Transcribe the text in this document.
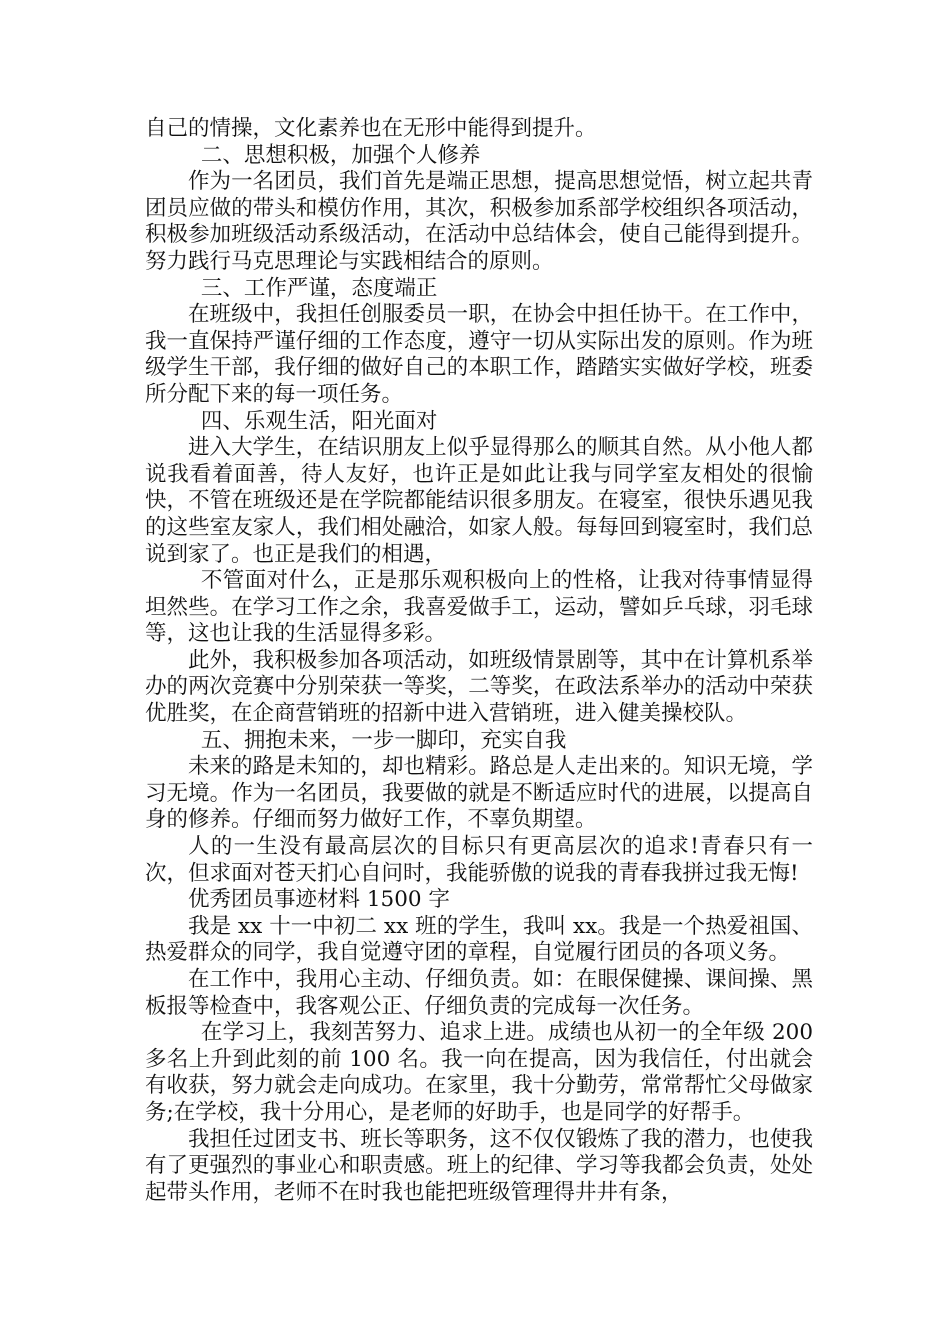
自己的情操，文化素养也在无形中能得到提升。

二、思想积极，加强个人修养

作为一名团员，我们首先是端正思想，提高思想觉悟，树立起共青团员应做的带头和模仿作用，其次，积极参加系部学校组织各项活动，积极参加班级活动系级活动，在活动中总结体会，使自己能得到提升。努力践行马克思理论与实践相结合的原则。

三、工作严谨，态度端正

在班级中，我担任创服委员一职，在协会中担任协干。在工作中，我一直保持严谨仔细的工作态度，遵守一切从实际出发的原则。作为班级学生干部，我仔细的做好自己的本职工作，踏踏实实做好学校，班委所分配下来的每一项任务。

四、乐观生活，阳光面对

进入大学生，在结识朋友上似乎显得那么的顺其自然。从小他人都说我看着面善，待人友好，也许正是如此让我与同学室友相处的很愉快，不管在班级还是在学院都能结识很多朋友。在寝室，很快乐遇见我的这些室友家人，我们相处融洽，如家人般。每每回到寝室时，我们总说到家了。也正是我们的相遇，

不管面对什么，正是那乐观积极向上的性格，让我对待事情显得坦然些。在学习工作之余，我喜爱做手工，运动，譬如乒乓球，羽毛球等，这也让我的生活显得多彩。

此外，我积极参加各项活动，如班级情景剧等，其中在计算机系举办的两次竞赛中分别荣获一等奖，二等奖，在政法系举办的活动中荣获优胜奖，在企商营销班的招新中进入营销班，进入健美操校队。

五、拥抱未来，一步一脚印，充实自我

未来的路是未知的，却也精彩。路总是人走出来的。知识无境，学习无境。作为一名团员，我要做的就是不断适应时代的进展，以提高自身的修养。仔细而努力做好工作，不辜负期望。

人的一生没有最高层次的目标只有更高层次的追求!青春只有一次，但求面对苍天扪心自问时，我能骄傲的说我的青春我拼过我无悔!

优秀团员事迹材料 1500 字

我是 xx 十一中初二 xx 班的学生，我叫 xx。我是一个热爱祖国、热爱群众的同学，我自觉遵守团的章程，自觉履行团员的各项义务。

在工作中，我用心主动、仔细负责。如：在眼保健操、课间操、黑板报等检查中，我客观公正、仔细负责的完成每一次任务。

在学习上，我刻苦努力、追求上进。成绩也从初一的全年级 200 多名上升到此刻的前 100 名。我一向在提高，因为我信任，付出就会有收获，努力就会走向成功。在家里，我十分勤劳，常常帮忙父母做家务;在学校，我十分用心，是老师的好助手，也是同学的好帮手。

我担任过团支书、班长等职务，这不仅仅锻炼了我的潜力，也使我有了更强烈的事业心和职责感。班上的纪律、学习等我都会负责，处处起带头作用，老师不在时我也能把班级管理得井井有条，
